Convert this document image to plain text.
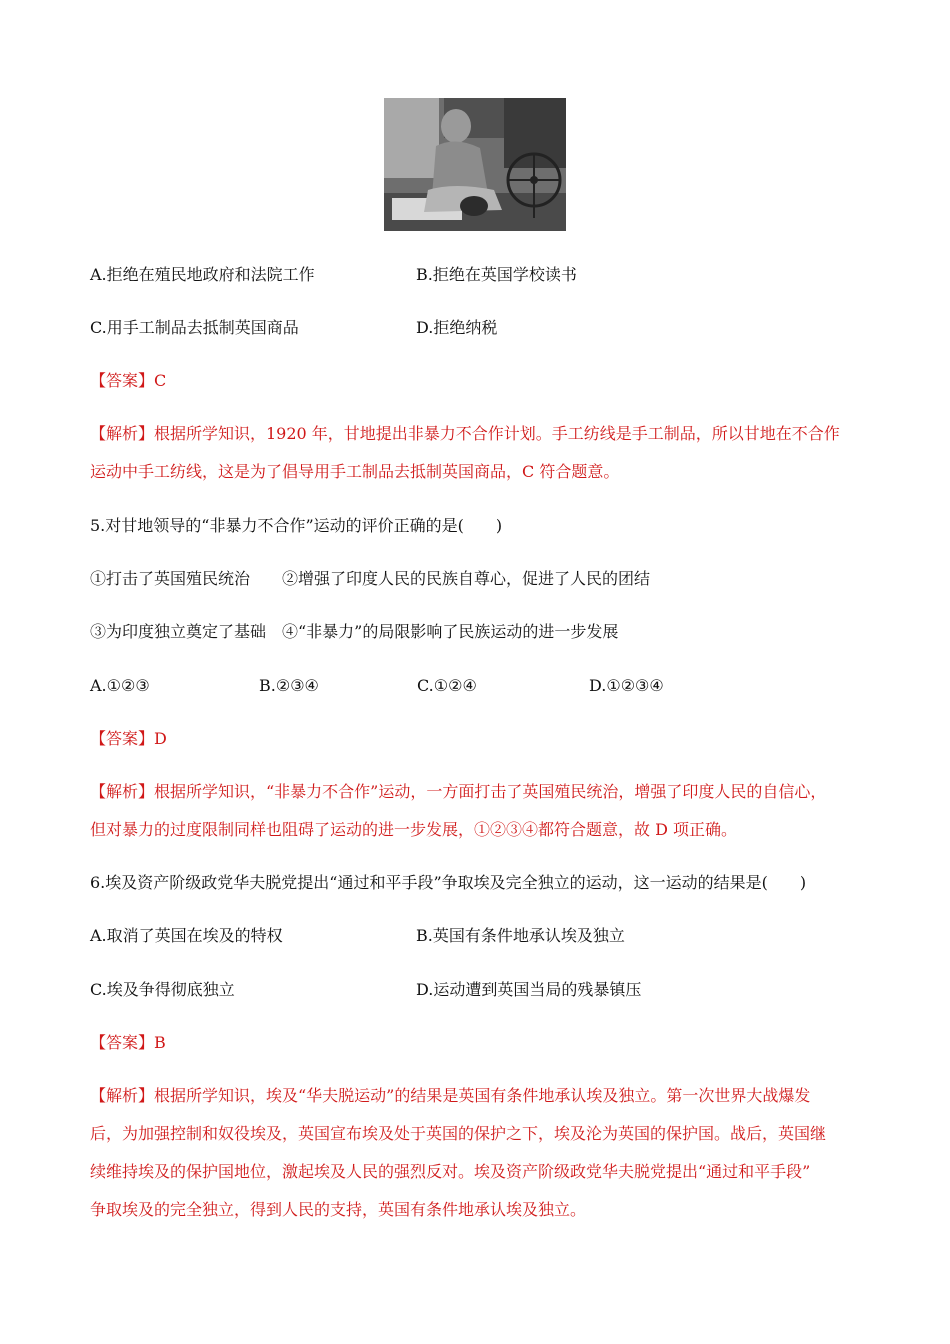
A.拒绝在殖民地政府和法院工作	B.拒绝在英国学校读书
C.用手工制品去抵制英国商品	D.拒绝纳税
【答案】C
【解析】根据所学知识，1920 年，甘地提出非暴力不合作计划。手工纺线是手工制品，所以甘地在不合作
运动中手工纺线，这是为了倡导用手工制品去抵制英国商品，C 符合题意。
5.对甘地领导的“非暴力不合作”运动的评价正确的是(　　)
①打击了英国殖民统治　　②增强了印度人民的民族自尊心，促进了人民的团结
③为印度独立奠定了基础　④“非暴力”的局限影响了民族运动的进一步发展
A.①②③	B.②③④	C.①②④	D.①②③④
【答案】D
【解析】根据所学知识，“非暴力不合作”运动，一方面打击了英国殖民统治，增强了印度人民的自信心，
但对暴力的过度限制同样也阻碍了运动的进一步发展，①②③④都符合题意，故 D 项正确。
6.埃及资产阶级政党华夫脱党提出“通过和平手段”争取埃及完全独立的运动，这一运动的结果是(　　)
A.取消了英国在埃及的特权	B.英国有条件地承认埃及独立
C.埃及争得彻底独立	D.运动遭到英国当局的残暴镇压
【答案】B
【解析】根据所学知识，埃及“华夫脱运动”的结果是英国有条件地承认埃及独立。第一次世界大战爆发
后，为加强控制和奴役埃及，英国宣布埃及处于英国的保护之下，埃及沦为英国的保护国。战后，英国继
续维持埃及的保护国地位，激起埃及人民的强烈反对。埃及资产阶级政党华夫脱党提出“通过和平手段”
争取埃及的完全独立，得到人民的支持，英国有条件地承认埃及独立。
